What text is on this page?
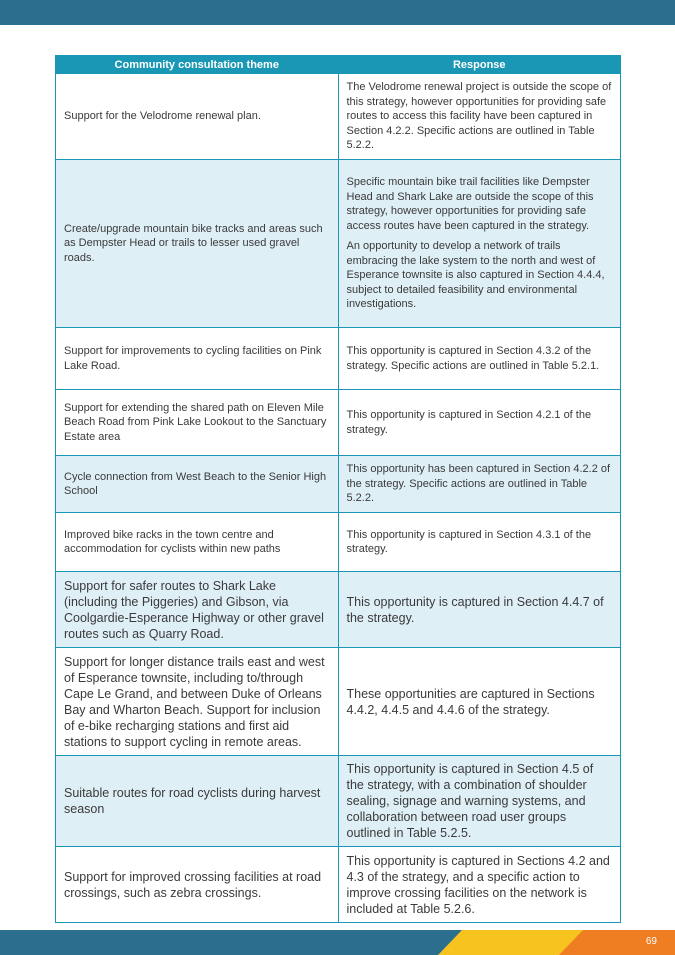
Community consultation theme	Response
Support for the Velodrome renewal plan.	The Velodrome renewal project is outside the scope of this strategy, however opportunities for providing safe routes to access this facility have been captured in Section 4.2.2. Specific actions are outlined in Table 5.2.2.

Create/upgrade mountain bike tracks and areas such as Dempster Head or trails to lesser used gravel roads.	Specific mountain bike trail facilities like Dempster Head and Shark Lake are outside the scope of this strategy, however opportunities for providing safe access routes have been captured in the strategy.
An opportunity to develop a network of trails embracing the lake system to the north and west of Esperance townsite is also captured in Section 4.4.4, subject to detailed feasibility and environmental investigations.

Support for improvements to cycling facilities on Pink Lake Road.	This opportunity is captured in Section 4.3.2 of the strategy. Specific actions are outlined in Table 5.2.1.

Support for extending the shared path on Eleven Mile Beach Road from Pink Lake Lookout to the Sanctuary Estate area	This opportunity is captured in Section 4.2.1 of the strategy.

Cycle connection from West Beach to the Senior High School	This opportunity has been captured in Section 4.2.2 of the strategy. Specific actions are outlined in Table 5.2.2.

Improved bike racks in the town centre and accommodation for cyclists within new paths	This opportunity is captured in Section 4.3.1 of the strategy.

Support for safer routes to Shark Lake (including the Piggeries) and Gibson, via Coolgardie-Esperance Highway or other gravel routes such as Quarry Road.	This opportunity is captured in Section 4.4.7 of the strategy.

Support for longer distance trails east and west of Esperance townsite, including to/through Cape Le Grand, and between Duke of Orleans Bay and Wharton Beach. Support for inclusion of e-bike recharging stations and first aid stations to support cycling in remote areas.	These opportunities are captured in Sections 4.4.2, 4.4.5 and 4.4.6 of the strategy.

Suitable routes for road cyclists during harvest season	This opportunity is captured in Section 4.5 of the strategy, with a combination of shoulder sealing, signage and warning systems, and collaboration between road user groups outlined in Table 5.2.5.

Support for improved crossing facilities at road crossings, such as zebra crossings.	This opportunity is captured in Sections 4.2 and 4.3 of the strategy, and a specific action to improve crossing facilities on the network is included at Table 5.2.6.
69
